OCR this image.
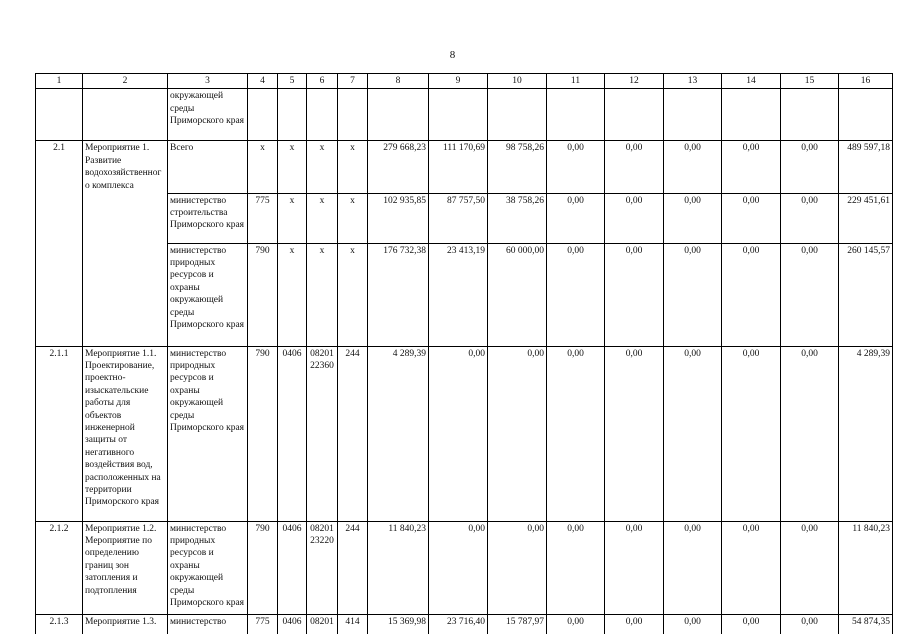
8
1	2	3	4	5	6	7	8	9	10	11	12	13	14	15	16
		окружающей среды Приморского края													
2.1	Мероприятие 1. Развитие водохозяйственного комплекса	Всего	х	х	х	х	279 668,23	111 170,69	98 758,26	0,00	0,00	0,00	0,00	0,00	489 597,18
		министерство строительства Приморского края	775	х	х	х	102 935,85	87 757,50	38 758,26	0,00	0,00	0,00	0,00	0,00	229 451,61
		министерство природных ресурсов и охраны окружающей среды Приморского края	790	х	х	х	176 732,38	23 413,19	60 000,00	0,00	0,00	0,00	0,00	0,00	260 145,57
2.1.1	Мероприятие 1.1. Проектирование, проектно-изыскательские работы для объектов инженерной защиты от негативного воздействия вод, расположенных на территории Приморского края	министерство природных ресурсов и охраны окружающей среды Приморского края	790	0406	08201 22360	244	4 289,39	0,00	0,00	0,00	0,00	0,00	0,00	0,00	4 289,39
2.1.2	Мероприятие 1.2. Мероприятие по определению границ зон затопления и подтопления	министерство природных ресурсов и охраны окружающей среды Приморского края	790	0406	08201 23220	244	11 840,23	0,00	0,00	0,00	0,00	0,00	0,00	0,00	11 840,23
2.1.3	Мероприятие 1.3.	министерство	775	0406	08201	414	15 369,98	23 716,40	15 787,97	0,00	0,00	0,00	0,00	0,00	54 874,35
